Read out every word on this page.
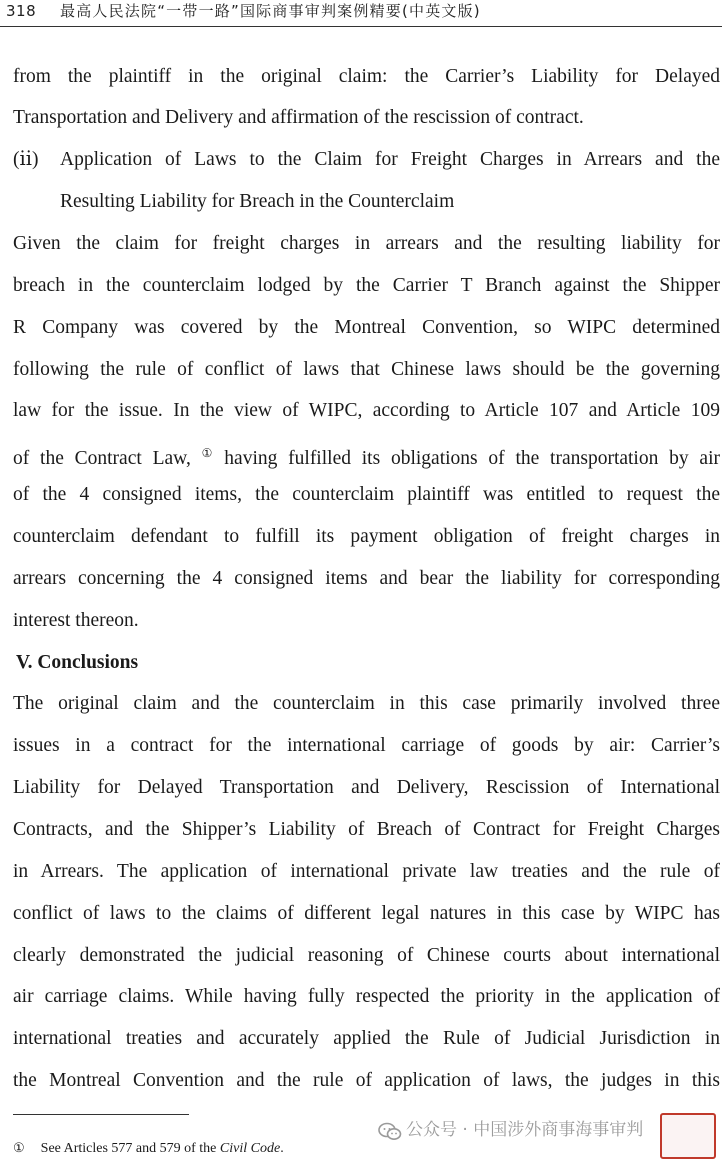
318 最高人民法院“一带一路”国际商事审判案例精要(中英文版)
from the plaintiff in the original claim: the Carrier’s Liability for Delayed
Transportation and Delivery and affirmation of the rescission of contract.
(ⅱ) Application of Laws to the Claim for Freight Charges in Arrears and the
Resulting Liability for Breach in the Counterclaim
Given the claim for freight charges in arrears and the resulting liability for
breach in the counterclaim lodged by the Carrier T Branch against the Shipper
R Company was covered by the Montreal Convention, so WIPC determined
following the rule of conflict of laws that Chinese laws should be the governing
law for the issue. In the view of WIPC, according to Article 107 and Article 109
of the Contract Law, ① having fulfilled its obligations of the transportation by air
of the 4 consigned items, the counterclaim plaintiff was entitled to request the
counterclaim defendant to fulfill its payment obligation of freight charges in
arrears concerning the 4 consigned items and bear the liability for corresponding
interest thereon.
V. Conclusions
The original claim and the counterclaim in this case primarily involved three
issues in a contract for the international carriage of goods by air: Carrier’s
Liability for Delayed Transportation and Delivery, Rescission of International
Contracts, and the Shipper’s Liability of Breach of Contract for Freight Charges
in Arrears. The application of international private law treaties and the rule of
conflict of laws to the claims of different legal natures in this case by WIPC has
clearly demonstrated the judicial reasoning of Chinese courts about international
air carriage claims. While having fully respected the priority in the application of
international treaties and accurately applied the Rule of Judicial Jurisdiction in
the Montreal Convention and the rule of application of laws, the judges in this
① See Articles 577 and 579 of the Civil Code.
公众号 · 中国涉外商事海事审判
